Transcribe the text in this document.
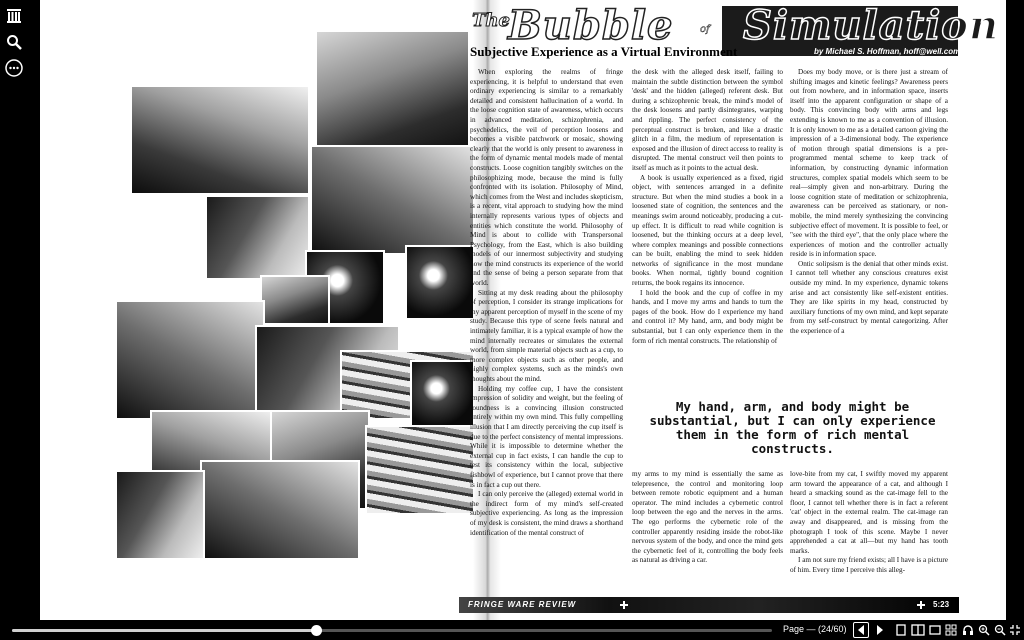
The
Bubble	of Simulation
Subjective Experience as a Virtual Environment	by Michael S. Hoffman, hoff@well.com

When exploring the realms of fringe experiencing, it is helpful to understand that even ordinary experiencing is similar to a remarkably detailed and consistent hallucination of a world. In the loose cognition state of awareness, which occurs in advanced meditation, schizophrenia, and psychedelics, the veil of perception loosens and becomes a visible patchwork or mosaic, showing clearly that the world is only present to awareness in the form of dynamic mental models made of mental constructs. Loose cognition tangibly switches on the philosophizing mode, because the mind is fully confronted with its isolation. Philosophy of Mind, which comes from the West and includes skepticism, is a recent, vital approach to studying how the mind internally represents various types of objects and entities which constitute the world. Philosophy of Mind is about to collide with Transpersonal Psychology, from the East, which is also building models of our innermost subjectivity and studying how the mind constructs its experience of the world and the sense of being a person separate from that world.

Sitting at my desk reading about the philosophy of perception, I consider its strange implications for my apparent perception of myself in the scene of my study. Because this type of scene feels natural and intimately familiar, it is a typical example of how the mind internally recreates or simulates the external world, from simple material objects such as a cup, to more complex objects such as other people, and highly complex systems, such as the minds's own thoughts about the mind.

Holding my coffee cup, I have the consistent impression of solidity and weight, but the feeling of roundness is a convincing illusion constructed entirely within my own mind. This fully compelling illusion that I am directly perceiving the cup itself is due to the perfect consistency of mental impressions. While it is impossible to determine whether the external cup in fact exists, I can handle the cup to test its consistency within the local, subjective fishbowl of experience, but I cannot prove that there is in fact a cup out there.

I can only perceive the (alleged) external world in the indirect form of my mind's self-created subjective experiencing. As long as the impression of my desk is consistent, the mind draws a shorthand identification of the mental construct of

the desk with the alleged desk itself, failing to maintain the subtle distinction between the symbol 'desk' and the hidden (alleged) referent desk. But during a schizophrenic break, the mind's model of the desk loosens and partly disintegrates, warping and rippling. The perfect consistency of the perceptual construct is broken, and like a drastic glitch in a film, the medium of representation is exposed and the illusion of direct access to reality is disrupted. The mental construct veil then points to itself as much as it points to the actual desk.

A book is usually experienced as a fixed, rigid object, with sentences arranged in a definite structure. But when the mind studies a book in a loosened state of cognition, the sentences and the meanings swim around noticeably, producing a cut-up effect. It is difficult to read while cognition is loosened, but the thinking occurs at a deep level, where complex meanings and possible connections can be built, enabling the mind to seek hidden networks of significance in the most mundane books. When normal, tightly bound cognition returns, the book regains its innocence.

I hold the book and the cup of coffee in my hands, and I move my arms and hands to turn the pages of the book. How do I experience my hand and control it? My hand, arm, and body might be substantial, but I can only experience them in the form of rich mental constructs. The relationship of

Does my body move, or is there just a stream of shifting images and kinetic feelings? Awareness peers out from nowhere, and in information space, inserts itself into the apparent configuration or shape of a body. This convincing body with arms and legs extending is known to me as a convention of illusion. It is only known to me as a detailed cartoon giving the impression of a 3-dimensional body. The experience of motion through spatial dimensions is a pre-programmed mental scheme to keep track of information, by constructing dynamic information structures, complex spatial models which seem to be real—simply given and non-arbitrary. During the loose cognition state of meditation or schizophrenia, awareness can be perceived as stationary, or non-mobile, the mind merely synthesizing the convincing subjective effect of movement. It is possible to feel, or "see with the third eye", that the only place where the experiences of motion and the controller actually reside is in information space.

Ontic solipsism is the denial that other minds exist. I cannot tell whether any conscious creatures exist outside my mind. In my experience, dynamic tokens arise and act consistently like self-existent entities. They are like spirits in my head, constructed by auxiliary functions of my own mind, and kept separate from my self-construct by mental categorizing. After the experience of a

My hand, arm, and body might be substantial, but I can only experience them in the form of rich mental constructs.

my arms to my mind is essentially the same as telepresence, the control and monitoring loop between remote robotic equipment and a human operator. The mind includes a cybernetic control loop between the ego and the nerves in the arms. The ego performs the cybernetic role of the controller apparently residing inside the robot-like nervous system of the body, and once the mind gets the cybernetic feel of it, controlling the body feels as natural as driving a car.

love-bite from my cat, I swiftly moved my apparent arm toward the appearance of a cat, and although I heard a smacking sound as the cat-image fell to the floor, I cannot tell whether there is in fact a referent 'cat' object in the external realm. The cat-image ran away and disappeared, and is missing from the photograph I took of this scene. Maybe I never apprehended a cat at all—but my hand has tooth marks.

I am not sure my friend exists; all I have is a picture of him. Every time I perceive this alleg-

FRINGE WARE REVIEW	5:23
Page — (24/60)
